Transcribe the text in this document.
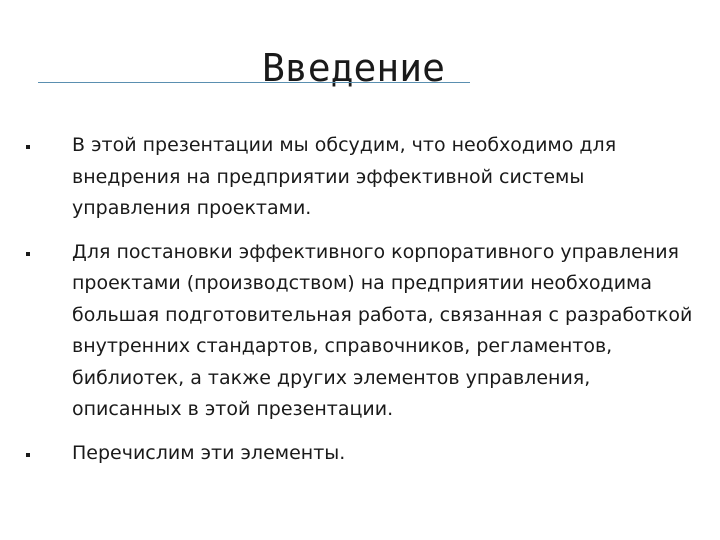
Введение
В этой презентации мы обсудим, что необходимо для внедрения на предприятии эффективной системы управления проектами.
Для постановки эффективного корпоративного управления проектами (производством) на предприятии необходима большая подготовительная работа, связанная с разработкой внутренних стандартов, справочников, регламентов, библиотек, а также других элементов управления, описанных в этой презентации.
Перечислим эти элементы.
